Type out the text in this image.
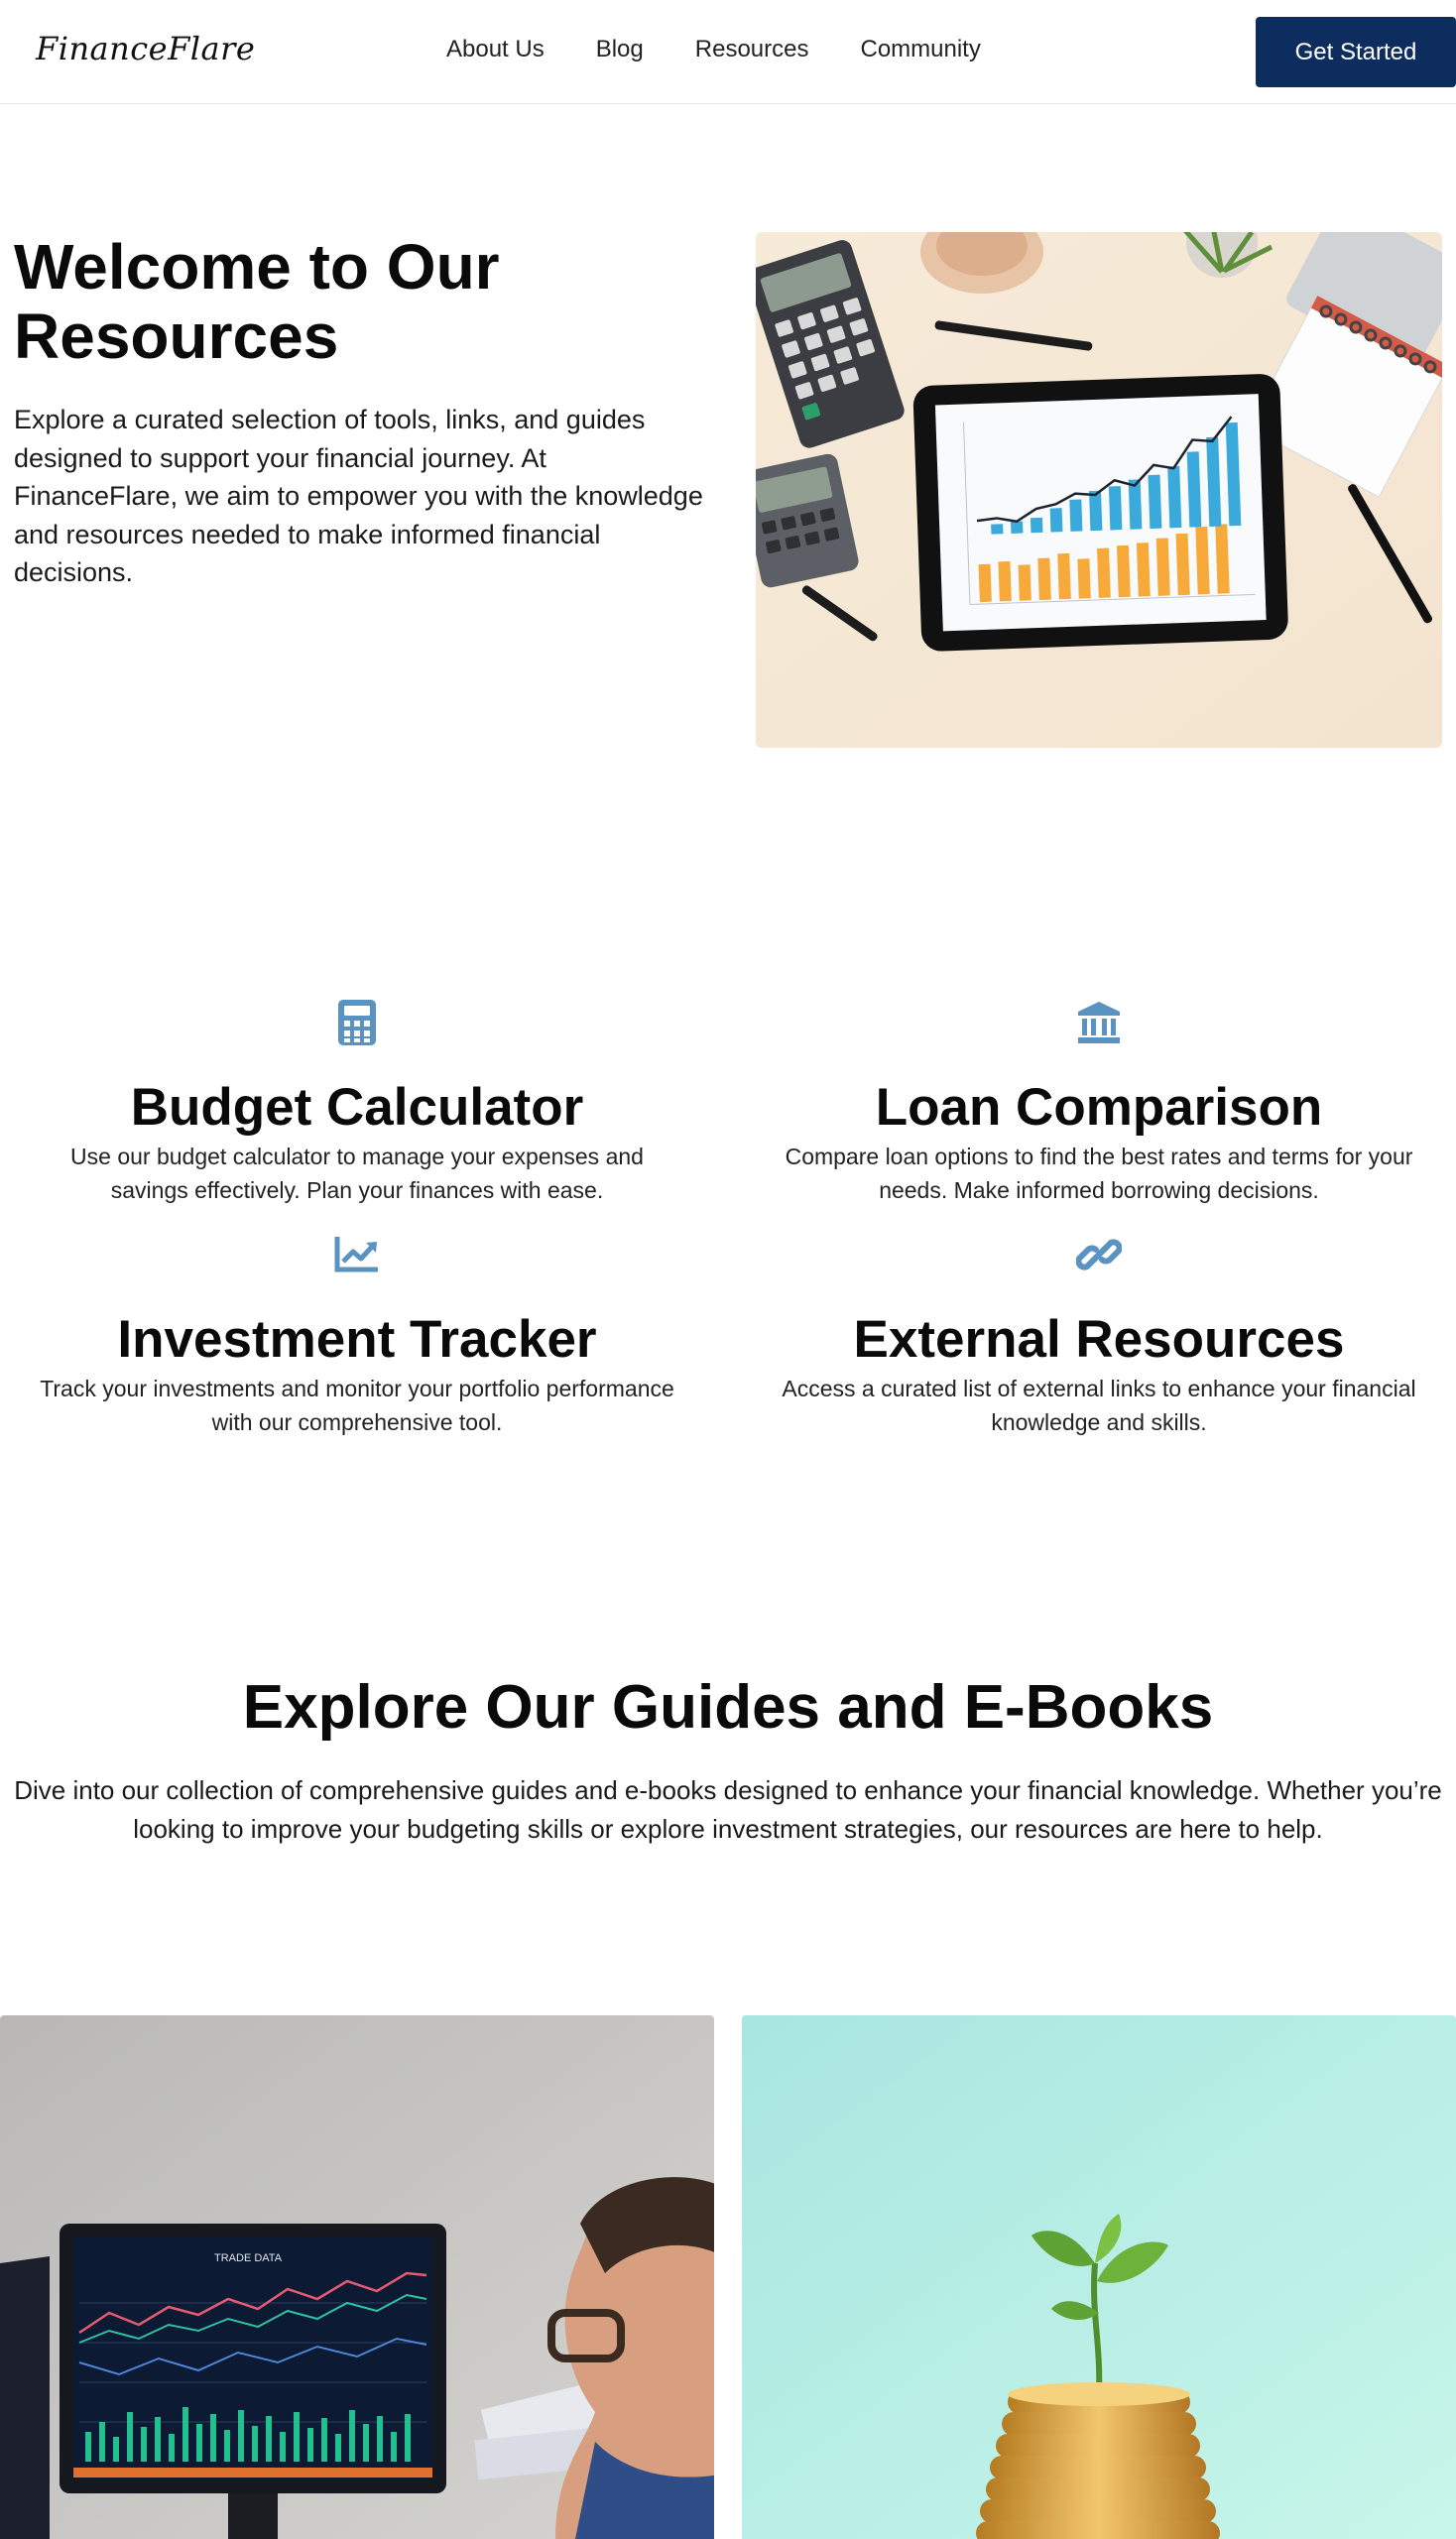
FinanceFlare	About Us Blog Resources Community	Get Started
Welcome to Our Resources

Explore a curated selection of tools, links, and guides designed to support your financial journey. At FinanceFlare, we aim to empower you with the knowledge and resources needed to make informed financial decisions.

Budget Calculator

Use our budget calculator to manage your expenses and savings effectively. Plan your finances with ease.

Loan Comparison

Compare loan options to find the best rates and terms for your needs. Make informed borrowing decisions.

Investment Tracker

Track your investments and monitor your portfolio performance with our comprehensive tool.

External Resources

Access a curated list of external links to enhance your financial knowledge and skills.

Explore Our Guides and E-Books

Dive into our collection of comprehensive guides and e-books designed to enhance your financial knowledge. Whether you’re looking to improve your budgeting skills or explore investment strategies, our resources are here to help.

TRADE DATA
